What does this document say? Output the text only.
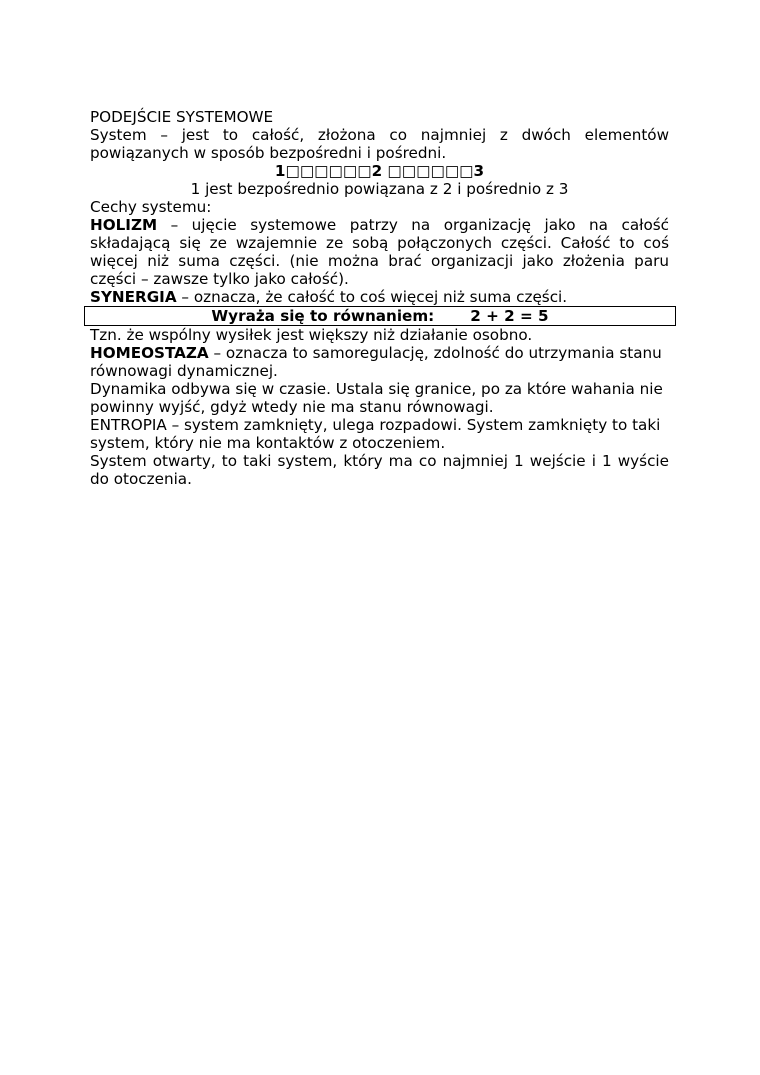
PODEJŚCIE SYSTEMOWE

System – jest to całość, złożona co najmniej z dwóch elementów powiązanych w sposób bezpośredni i pośredni.

1□□□□□□2 □□□□□□3

1 jest bezpośrednio powiązana z 2 i pośrednio z 3

Cechy systemu:

HOLIZM – ujęcie systemowe patrzy na organizację jako na całość składającą się ze wzajemnie ze sobą połączonych części. Całość to coś więcej niż suma części. (nie można brać organizacji jako złożenia paru części – zawsze tylko jako całość).

SYNERGIA – oznacza, że całość to coś więcej niż suma części.

Wyraża się to równaniem: 2 + 2 = 5

Tzn. że wspólny wysiłek jest większy niż działanie osobno.

HOMEOSTAZA – oznacza to samoregulację, zdolność do utrzymania stanu równowagi dynamicznej.

Dynamika odbywa się w czasie. Ustala się granice, po za które wahania nie powinny wyjść, gdyż wtedy nie ma stanu równowagi.

ENTROPIA – system zamknięty, ulega rozpadowi. System zamknięty to taki system, który nie ma kontaktów z otoczeniem.

System otwarty, to taki system, który ma co najmniej 1 wejście i 1 wyście do otoczenia.
